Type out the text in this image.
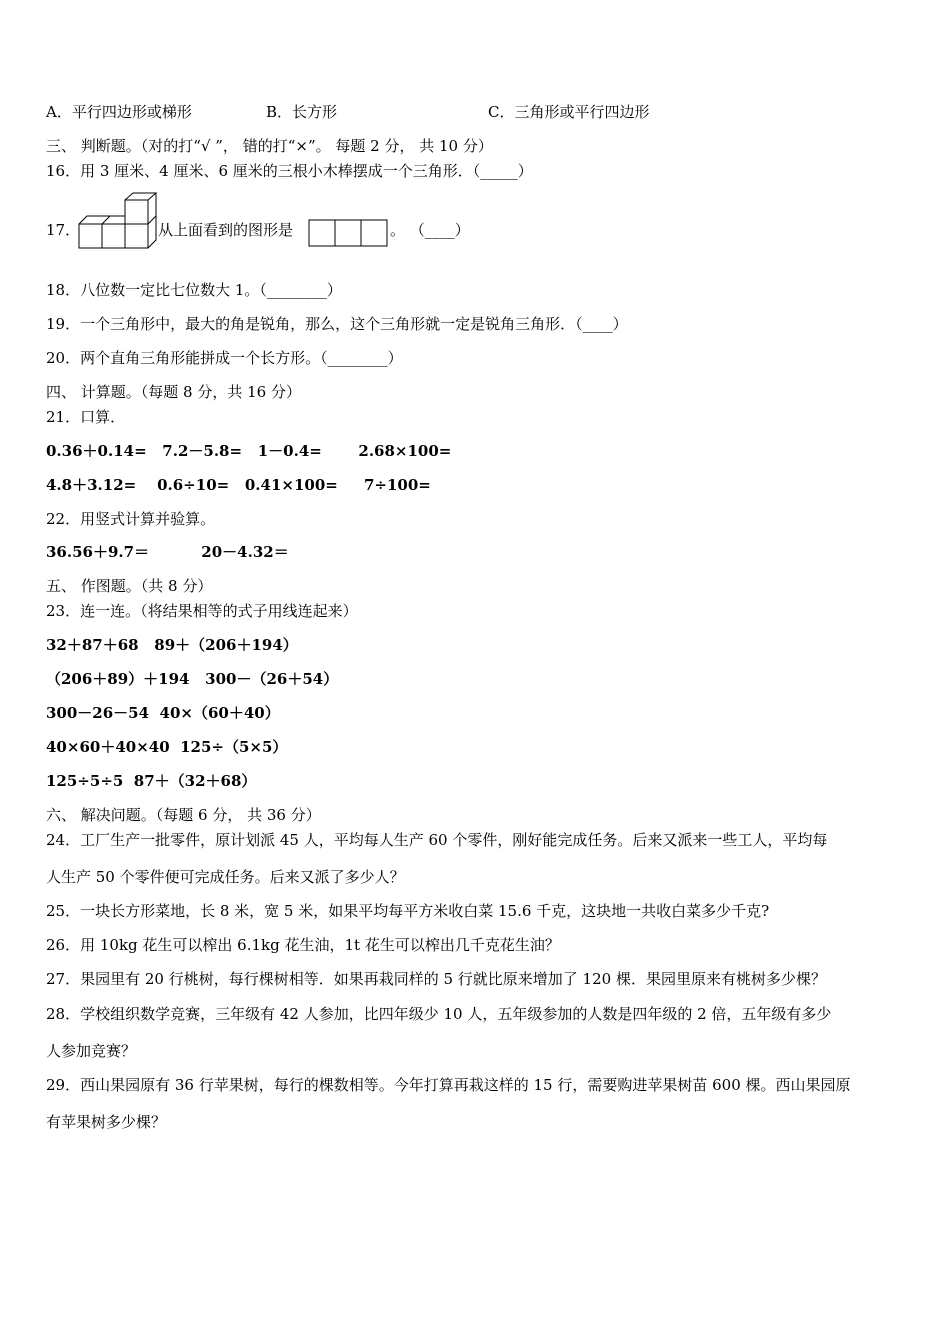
A．平行四边形或梯形	B．长方形	C．三角形或平行四边形
三、 判断题。（对的打“√ ”， 错的打“×”。 每题 2 分， 共 10 分）
16．用 3 厘米、4 厘米、6 厘米的三根小木棒摆成一个三角形．（_____）
17．	从上面看到的图形是	。 （____）
18．八位数一定比七位数大 1。（________）
19．一个三角形中，最大的角是锐角，那么，这个三角形就一定是锐角三角形．（____）
20．两个直角三角形能拼成一个长方形。（________）
四、 计算题。（每题 8 分，共 16 分）
21．口算．
0.36＋0.14=   7.2－5.8=   1－0.4=       2.68×100=
4.8＋3.12=    0.6÷10=   0.41×100=     7÷100=
22．用竖式计算并验算。
36.56＋9.7＝          20－4.32＝
五、 作图题。（共 8 分）
23．连一连。（将结果相等的式子用线连起来）
32＋87＋68   89＋（206＋194）
（206＋89）＋194   300－（26＋54）
300－26－54  40×（60＋40）
40×60＋40×40  125÷（5×5）
125÷5÷5  87＋（32＋68）
六、 解决问题。（每题 6 分， 共 36 分）
24．工厂生产一批零件，原计划派 45 人，平均每人生产 60 个零件，刚好能完成任务。后来又派来一些工人，平均每
人生产 50 个零件便可完成任务。后来又派了多少人？
25．一块长方形菜地，长 8 米，宽 5 米，如果平均每平方米收白菜 15.6 千克，这块地一共收白菜多少千克?
26．用 10kg 花生可以榨出 6.1kg 花生油，1t 花生可以榨出几千克花生油？
27．果园里有 20 行桃树，每行棵树相等．如果再栽同样的 5 行就比原来增加了 120 棵．果园里原来有桃树多少棵？
28．学校组织数学竞赛，三年级有 42 人参加，比四年级少 10 人，五年级参加的人数是四年级的 2 倍，五年级有多少
人参加竞赛？
29．西山果园原有 36 行苹果树，每行的棵数相等。今年打算再栽这样的 15 行，需要购进苹果树苗 600 棵。西山果园原
有苹果树多少棵？
